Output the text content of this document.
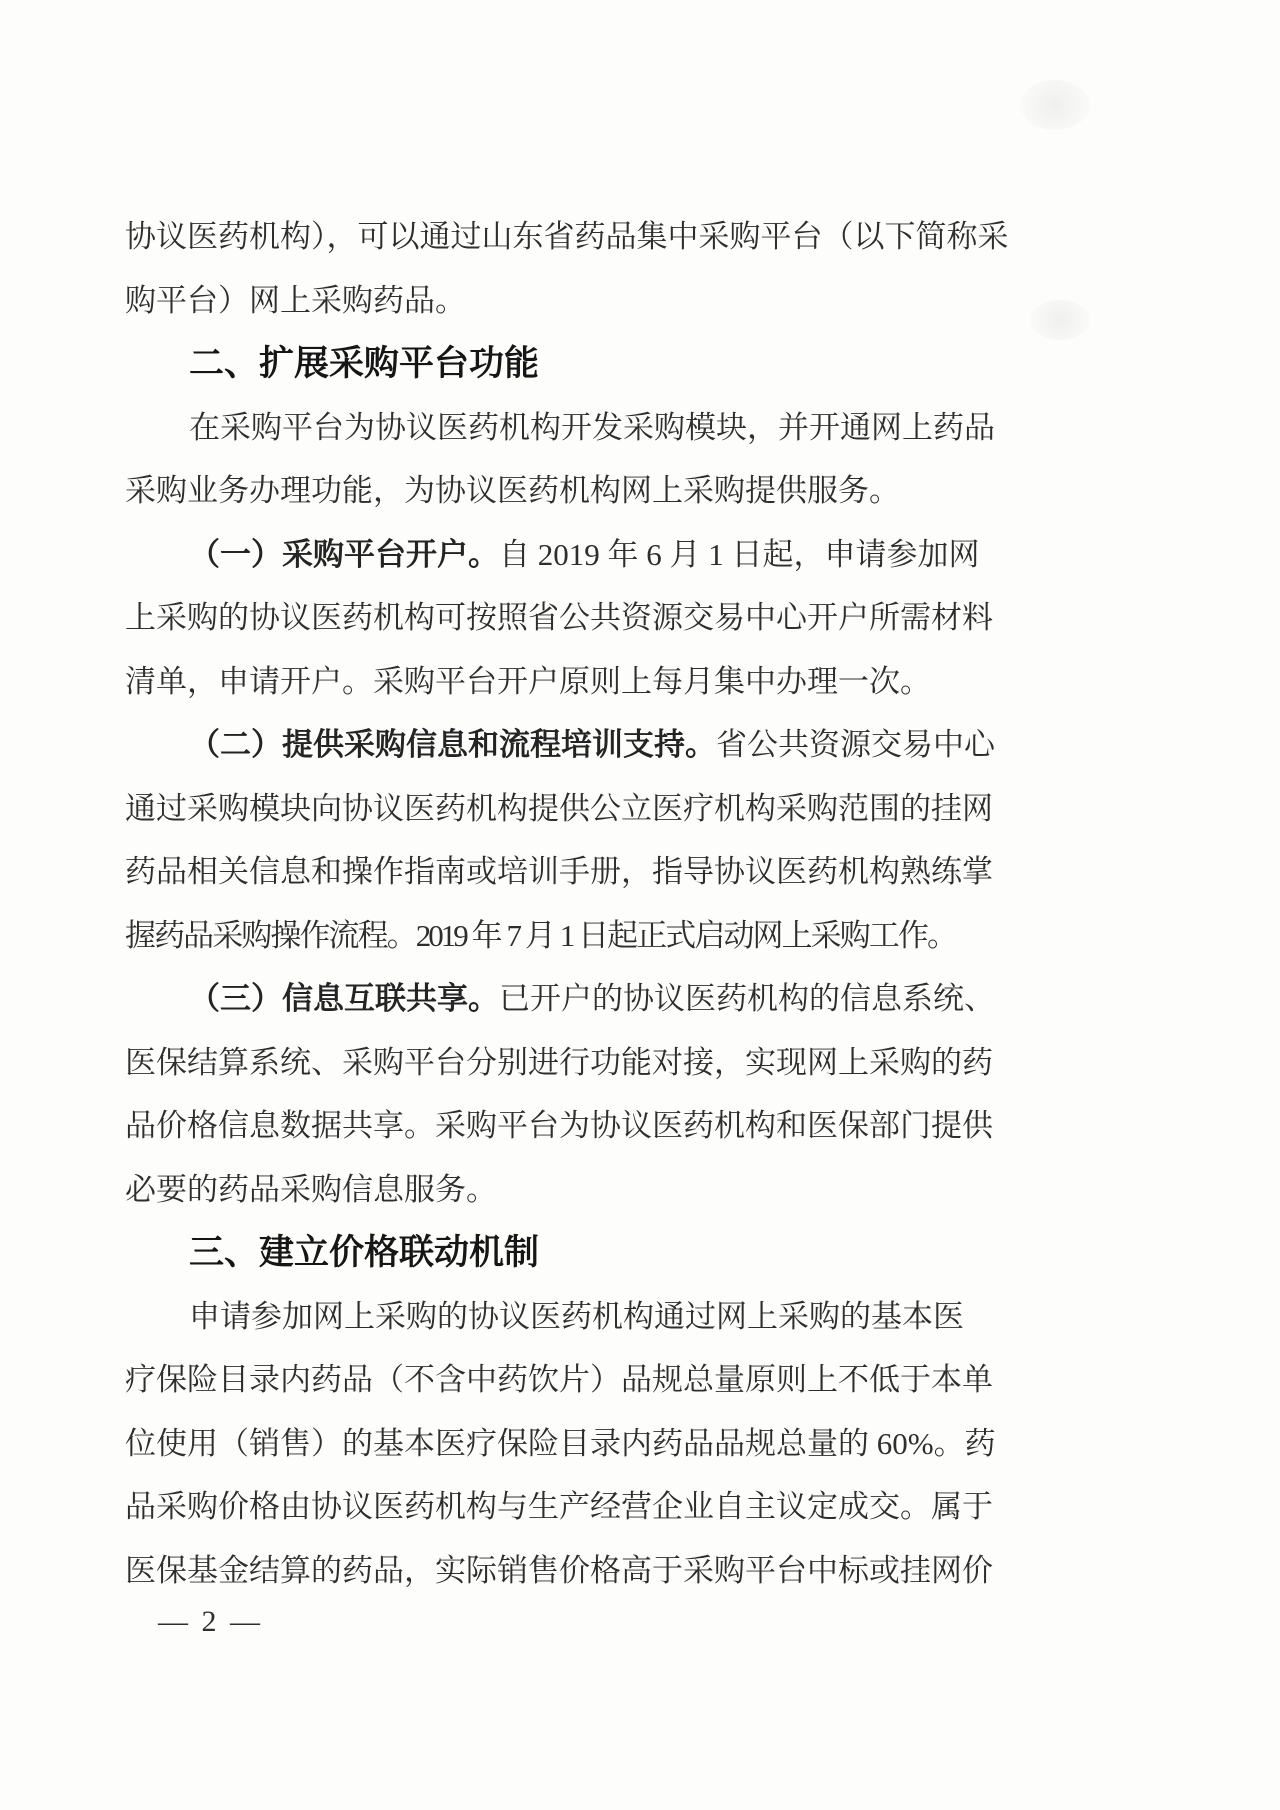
协议医药机构），可以通过山东省药品集中采购平台（以下简称采
购平台）网上采购药品。
二、扩展采购平台功能
在采购平台为协议医药机构开发采购模块，并开通网上药品
采购业务办理功能，为协议医药机构网上采购提供服务。
（一）采购平台开户。自 2019 年 6 月 1 日起，申请参加网
上采购的协议医药机构可按照省公共资源交易中心开户所需材料
清单，申请开户。采购平台开户原则上每月集中办理一次。
（二）提供采购信息和流程培训支持。省公共资源交易中心
通过采购模块向协议医药机构提供公立医疗机构采购范围的挂网
药品相关信息和操作指南或培训手册，指导协议医药机构熟练掌
握药品采购操作流程。2019 年 7 月 1 日起正式启动网上采购工作。
（三）信息互联共享。已开户的协议医药机构的信息系统、
医保结算系统、采购平台分别进行功能对接，实现网上采购的药
品价格信息数据共享。采购平台为协议医药机构和医保部门提供
必要的药品采购信息服务。
三、建立价格联动机制
申请参加网上采购的协议医药机构通过网上采购的基本医
疗保险目录内药品（不含中药饮片）品规总量原则上不低于本单
位使用（销售）的基本医疗保险目录内药品品规总量的 60%。药
品采购价格由协议医药机构与生产经营企业自主议定成交。属于
医保基金结算的药品，实际销售价格高于采购平台中标或挂网价
— 2 —
